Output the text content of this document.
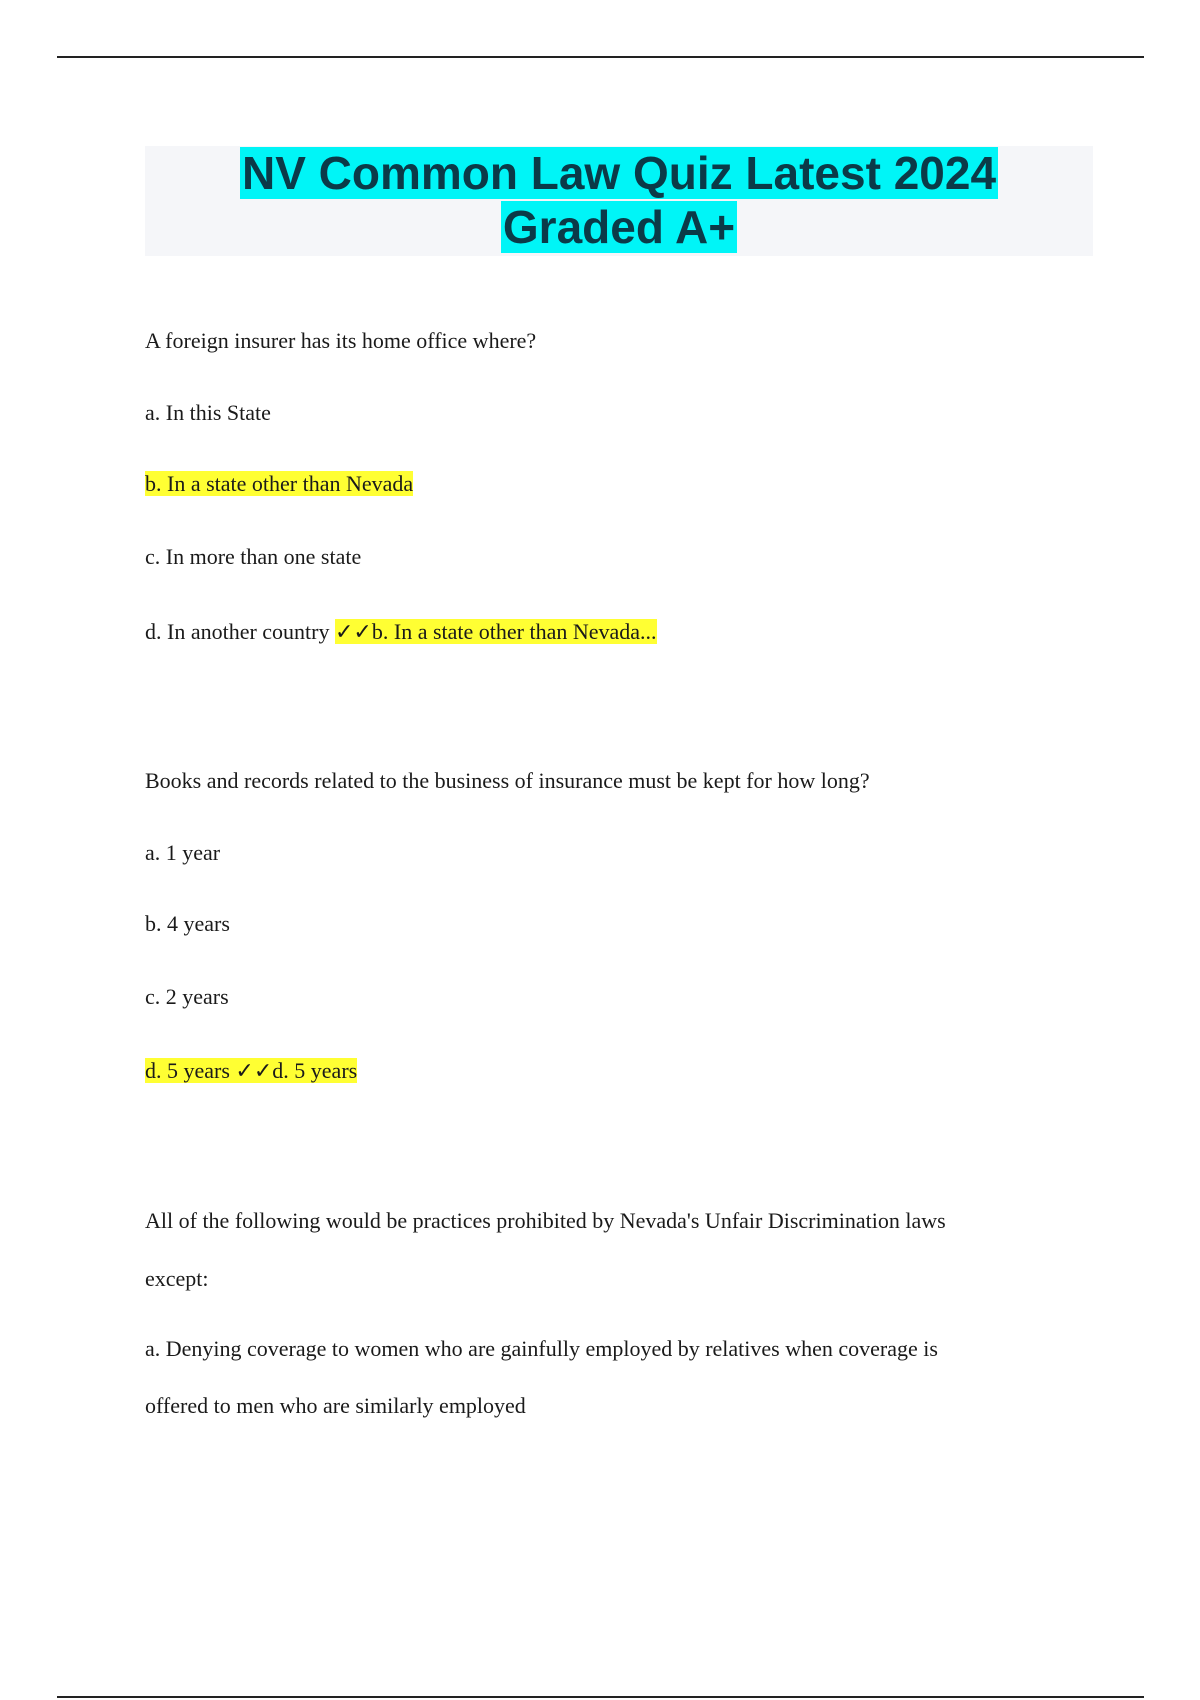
NV Common Law Quiz Latest 2024
Graded A+
A foreign insurer has its home office where?
a. In this State
b. In a state other than Nevada
c. In more than one state
d. In another country ✓✓b. In a state other than Nevada...
Books and records related to the business of insurance must be kept for how long?
a. 1 year
b. 4 years
c. 2 years
d. 5 years ✓✓d. 5 years
All of the following would be practices prohibited by Nevada's Unfair Discrimination laws
except:
a. Denying coverage to women who are gainfully employed by relatives when coverage is
offered to men who are similarly employed
